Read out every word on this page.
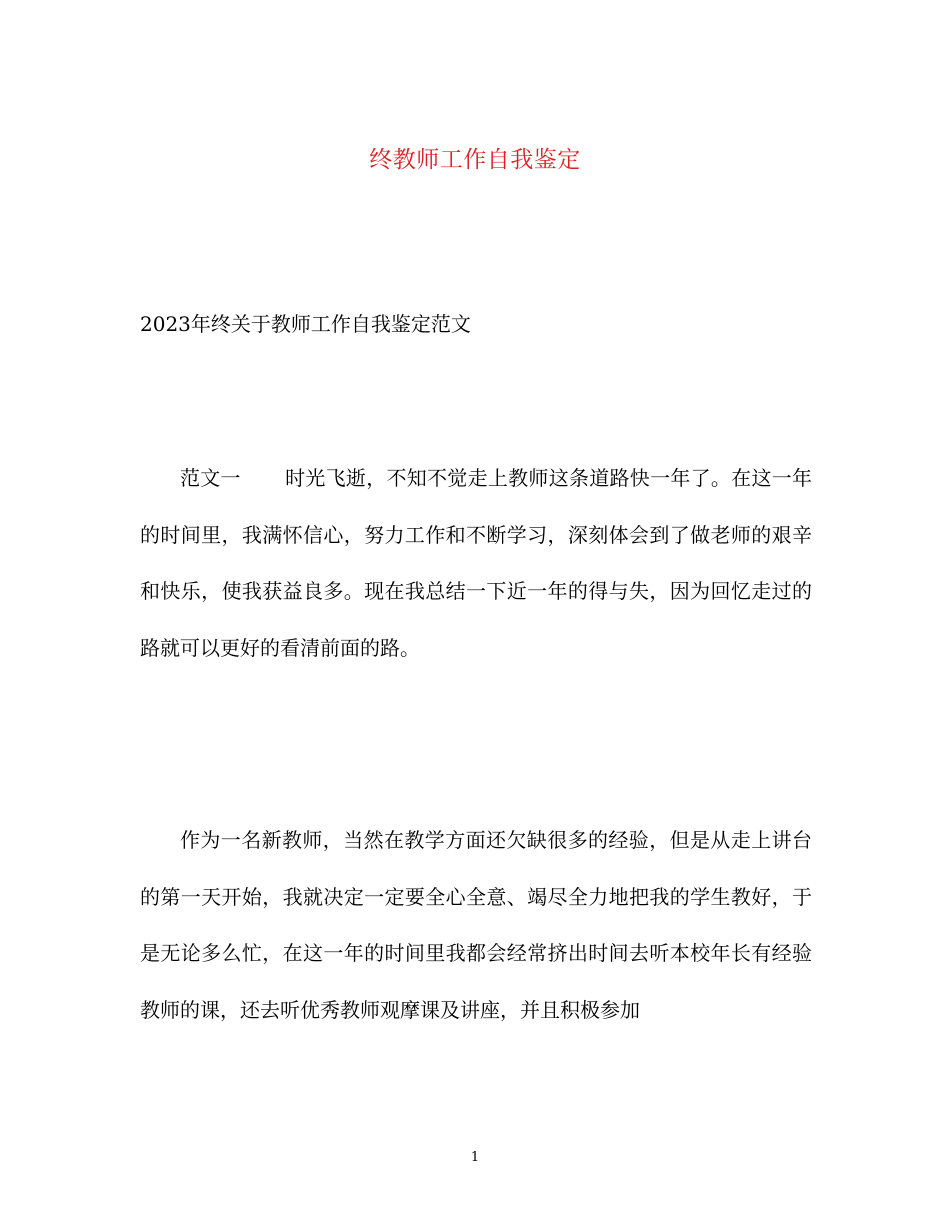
终教师工作自我鉴定
2023年终关于教师工作自我鉴定范文

范文一 时光飞逝，不知不觉走上教师这条道路快一年了。在这一年的时间里，我满怀信心，努力工作和不断学习，深刻体会到了做老师的艰辛和快乐，使我获益良多。现在我总结一下近一年的得与失，因为回忆走过的路就可以更好的看清前面的路。

作为一名新教师，当然在教学方面还欠缺很多的经验，但是从走上讲台的第一天开始，我就决定一定要全心全意、竭尽全力地把我的学生教好，于是无论多么忙，在这一年的时间里我都会经常挤出时间去听本校年长有经验教师的课，还去听优秀教师观摩课及讲座，并且积极参加

1
